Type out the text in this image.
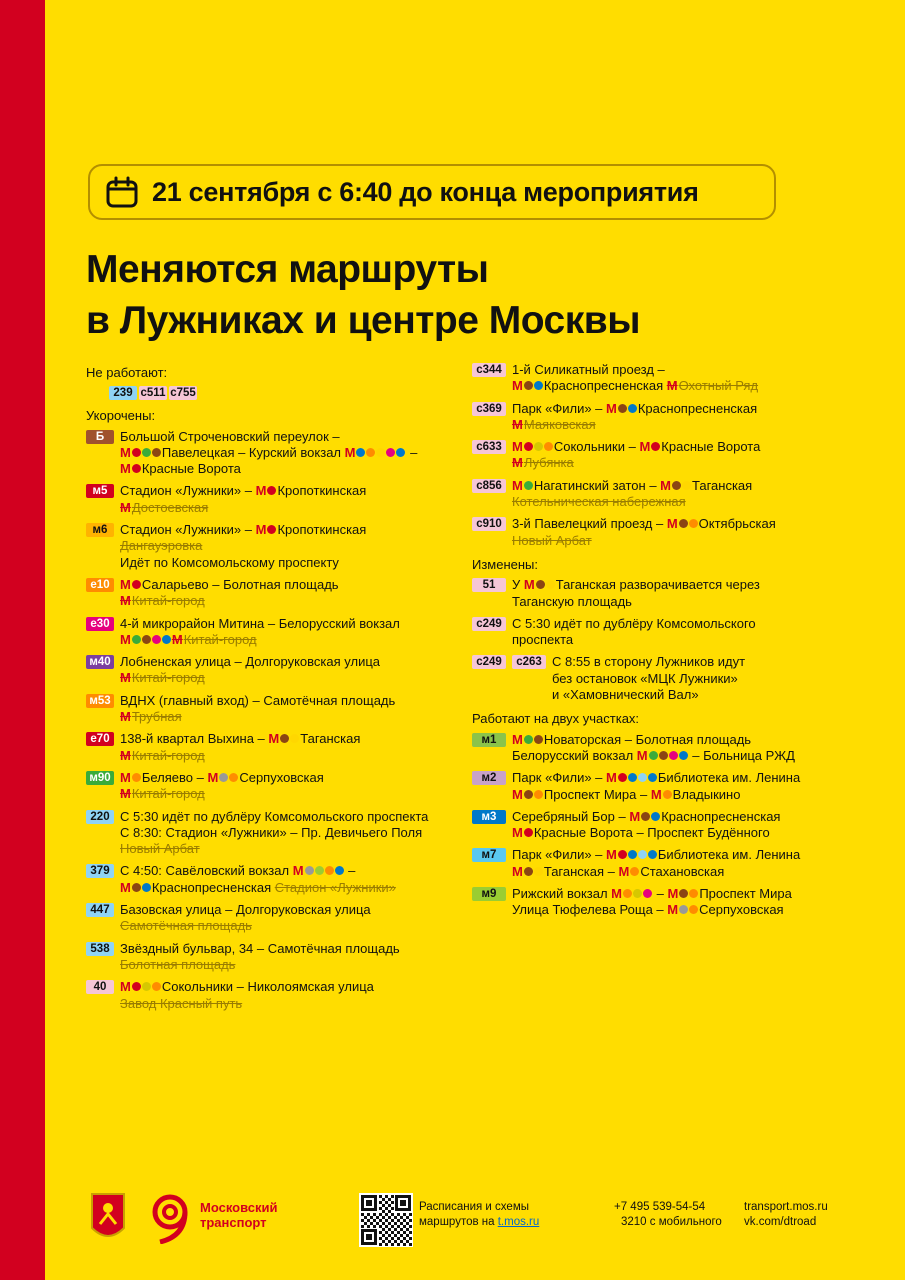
21 сентября с 6:40 до конца мероприятия
Меняются маршруты
в Лужниках и центре Москвы
Не работают:
239 с511 с755
Укорочены:
Б	Большой Строченовский переулок –
М Павелецкая – Курский вокзал М	–
М Красные Ворота
м5 Стадион «Лужники» – М Кропоткинская
МДостоевская
м6 Стадион «Лужники» – М Кропоткинская
Дангауэровка
Идёт по Комсомольскому проспекту
е10 М Саларьево – Болотная площадь
МКитай-город
е30 4-й микрорайон Митина – Белорусский вокзал
М	МКитай-город
м40 Лобненская улица – Долгоруковская улица
МКитай-город
м53 ВДНХ (главный вход) – Самотёчная площадь
МТрубная
е70 138-й квартал Выхина – М Таганская
МКитай-город
м90 М Беляево – М Серпуховская
МКитай-город
220 С 5:30 идёт по дублёру Комсомольского проспекта
С 8:30: Стадион «Лужники» – Пр. Девичьего Поля
Новый Арбат
379 С 4:50: Савёловский вокзал М	–
М Краснопресненская Стадион «Лужники»
447 Базовская улица – Долгоруковская улица
Самотёчная площадь
538 Звёздный бульвар, 34 – Самотёчная площадь
Болотная площадь
40	М Сокольники – Николоямская улица
Завод Красный путь
с344 1-й Силикатный проезд –
М Краснопресненская МОхотный Ряд
с369 Парк «Фили» – М Краснопресненская
ММаяковская
с633 М Сокольники – М Красные Ворота
МЛубянка
с856 М Нагатинский затон – М Таганская
Котельническая набережная
с910 3-й Павелецкий проезд – М Октябрьская
Новый Арбат
Изменены:
51	У М Таганская разворачивается через
Таганскую площадь
с249 С 5:30 идёт по дублёру Комсомольского
проспекта
с249	с263 С 8:55 в сторону Лужников идут
без остановок «МЦК Лужники»
и «Хамовнический Вал»
Работают на двух участках:
м1	М Новаторская – Болотная площадь
Белорусский вокзал М	– Больница РЖД
м2	Парк «Фили» – М	Библиотека им. Ленина
М Проспект Мира – М Владыкино
м3	Серебряный Бор – М Краснопресненская
М Красные Ворота – Проспект Будённого
м7	Парк «Фили» – М	Библиотека им. Ленина
М Таганская – М Стахановская
м9	Рижский вокзал М – М Проспект Мира
Улица Тюфелева Роща – М Серпуховская
Московский
транспорт
Расписания и схемы
маршрутов на t.mos.ru
+7 495 539-54-54
3210 с мобильного
transport.mos.ru
vk.com/dtroad
